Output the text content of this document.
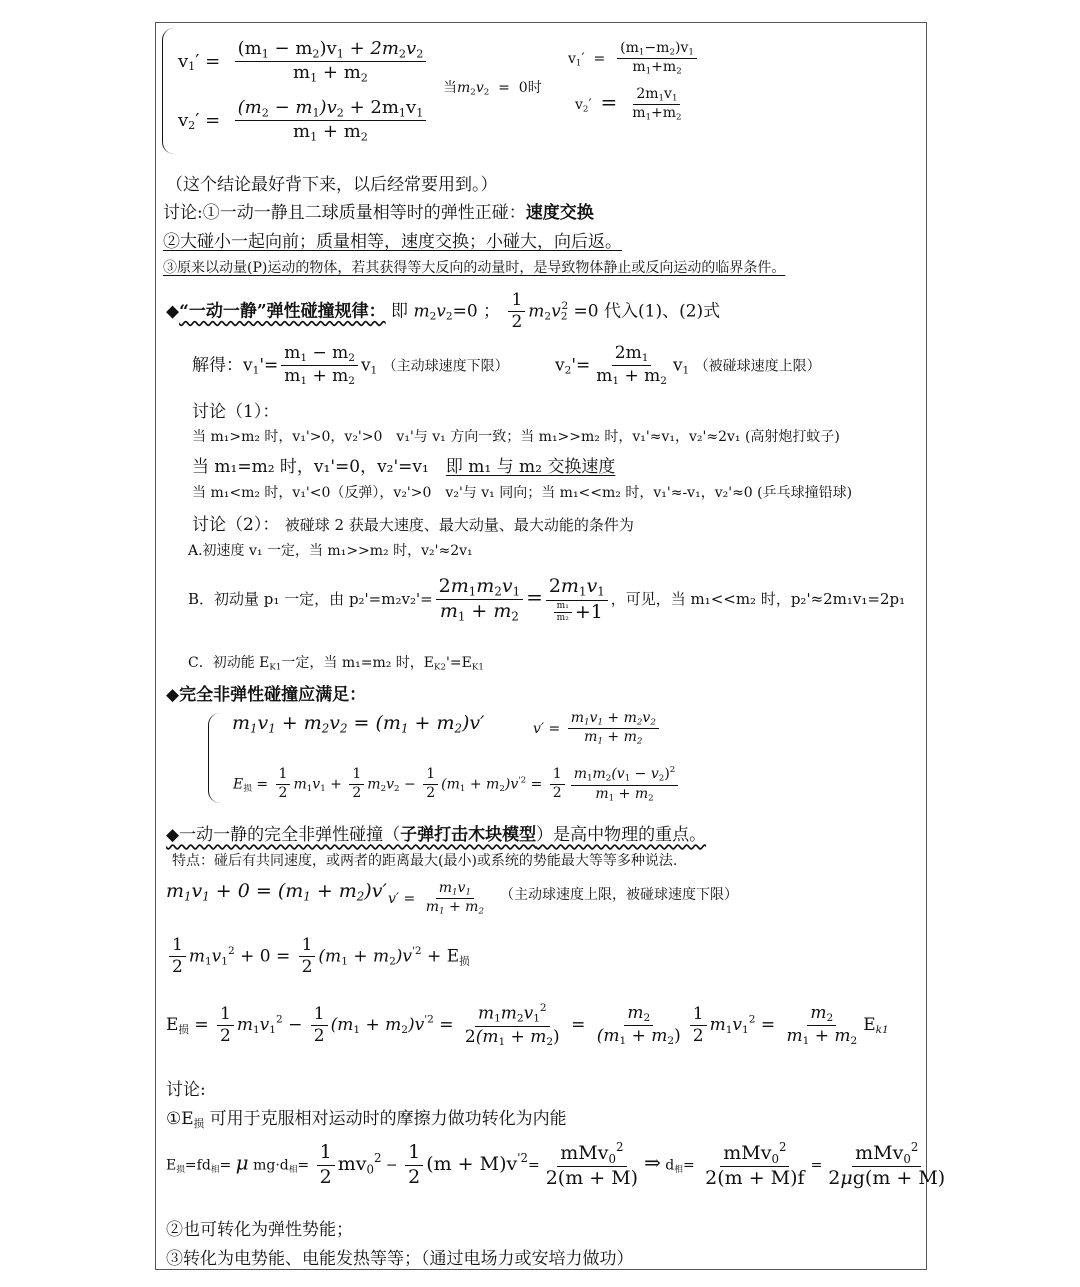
$v_1' = \frac{(m_1 - m_2)v_1 + 2m_2v_2}{m_1 + m_2}$
$v_2' = \frac{(m_2 - m_1)v_2 + 2m_1v_1}{m_1 + m_2}$
当$m_2v_2 = 0$时
$v_1' = \frac{(m_1-m_2)v_1}{m_1+m_2}$
$v_2' = \frac{2m_1v_1}{m_1+m_2}$
（这个结论最好背下来，以后经常要用到。）
讨论:①一动一静且二球质量相等时的弹性正碰：速度交换
②大碰小一起向前；质量相等，速度交换；小碰大，向后返。
③原来以动量(P)运动的物体，若其获得等大反向的动量时，是导致物体静止或反向运动的临界条件。
◆“一动一静”弹性碰撞规律： 即 $m_2v_2=0$ ； $\frac{1}{2} m_2v_2^2 =0$ 代入(1)、(2)式
解得：$v_1'= \frac{m_1 - m_2}{m_1 + m_2} v_1$ （主动球速度下限）	$v_2'= \frac{2m_1}{m_1 + m_2} v_1$ （被碰球速度上限）
讨论（1）：
当 m₁>m₂ 时，v₁'>0，v₂'>0　v₁'与 v₁ 方向一致；当 m₁>>m₂ 时，v₁'≈v₁，v₂'≈2v₁ (高射炮打蚊子)
当 m₁=m₂ 时，v₁'=0，v₂'=v₁　即 m₁ 与 m₂ 交换速度
当 m₁<m₂ 时，v₁'<0（反弹），v₂'>0　v₂'与 v₁ 同向；当 m₁<<m₂ 时，v₁'≈-v₁，v₂'≈0 (乒乓球撞铅球)
讨论（2）： 被碰球 2 获最大速度、最大动量、最大动能的条件为
A.初速度 v₁ 一定，当 m₁>>m₂ 时，v₂'≈2v₁
B．初动量 p₁ 一定，由 $p_2'=m_2v_2'= \frac{2m_1m_2v_1}{m_1 + m_2} = \frac{2m_1v_1}{\frac{\text{m₁}}{\text{m₂}} +1}$ ，可见，当 m₁<<m₂ 时，p₂'≈2m₁v₁=2p₁
C．初动能 $E_{K1}$一定，当 m₁=m₂ 时，$E_{K2}'=E_{K1}$
◆完全非弹性碰撞应满足：
$m_1v_1 + m_2v_2 = (m_1 + m_2)v'$	$v' = \frac{m_1v_1 + m_2v_2}{m_1 + m_2}$
$E_损 = \frac{1}{2} m_1v_1 + \frac{1}{2} m_2v_2 - \frac{1}{2} (m_1 + m_2)v^{'2} = \frac{1}{2} \frac{m_1m_2(v_1 - v_2)^2}{m_1 + m_2}$
◆一动一静的完全非弹性碰撞（子弹打击木块模型）是高中物理的重点。
特点：碰后有共同速度，或两者的距离最大(最小)或系统的势能最大等等多种说法.
$m_1v_1 + 0 = (m_1 + m_2)v'$ $v' = \frac{m_1v_1}{m_1 + m_2}$ （主动球速度上限，被碰球速度下限）
$\frac{1}{2} m_1v_1^2 + 0 = \frac{1}{2} (m_1 + m_2)v^{'2} + E_损$
$E_损 = \frac{1}{2} m_1v_1^2 - \frac{1}{2} (m_1 + m_2)v^{'2} = \frac{m_1m_2v_1^2}{2(m_1 + m_2)} = \frac{m_2}{(m_1 + m_2)} \frac{1}{2} m_1v_1^2 = \frac{m_2}{m_1 + m_2} E_{k1}$
讨论:
$①E_损$ 可用于克服相对运动时的摩擦力做功转化为内能
$E_损=fd_相= \mu$ $mg\cdot d_相= \frac{1}{2} mv_0^2 - \frac{1}{2} (m + M)v^{'2}= \frac{mMv_0^2}{2(m + M)}$ ⇒ $d_相= \frac{mMv_0^2}{2(m + M)f} = \frac{mMv_0^2}{2\mu g(m + M)}$
②也可转化为弹性势能；
③转化为电势能、电能发热等等；（通过电场力或安培力做功）
